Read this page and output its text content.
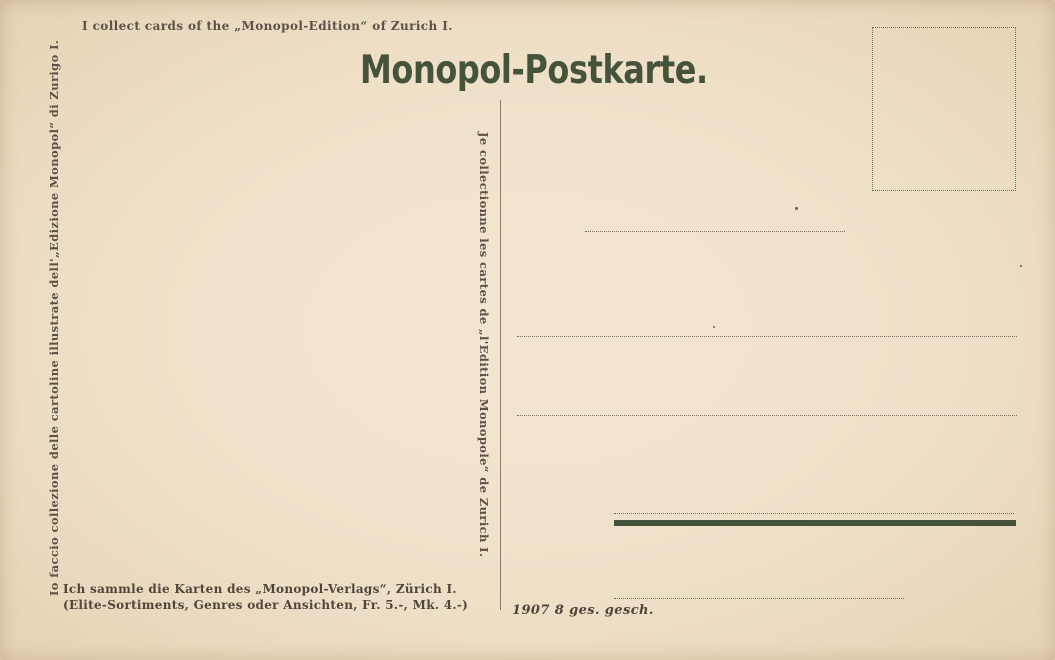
I collect cards of the „Monopol-Edition“ of Zurich I.
Monopol-Postkarte.
Io faccio collezione delle cartoline illustrate dell'„Edizione Monopol“ di Zurigo I.	Je collectionne les cartes de „l'Edition Monopole“ de Zurich I.
Ich sammle die Karten des „Monopol-Verlags“, Zürich I.
(Elite-Sortiments, Genres oder Ansichten, Fr. 5.-, Mk. 4.-)	1907 8 ges. gesch.
